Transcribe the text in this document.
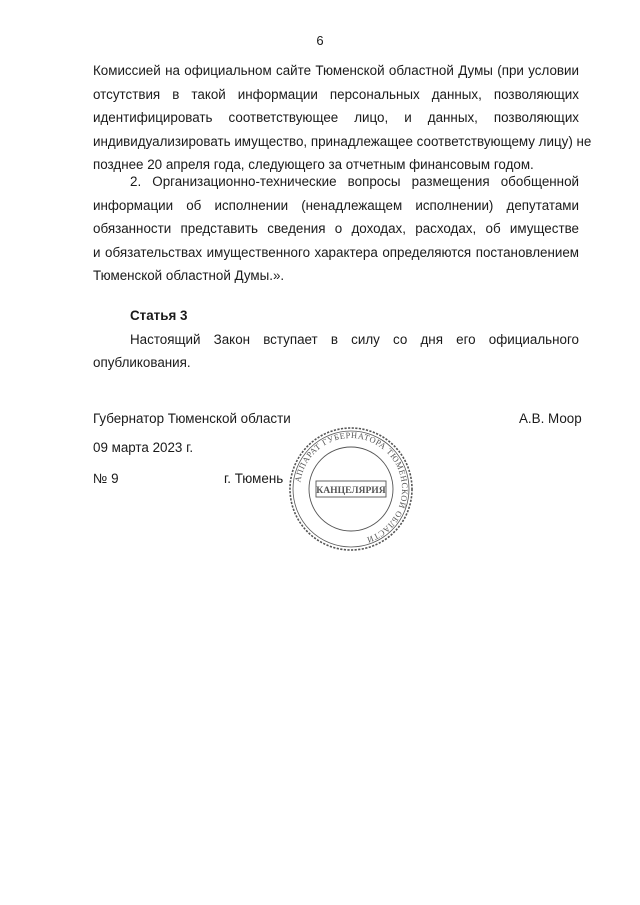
6
Комиссией на официальном сайте Тюменской областной Думы (при условии
отсутствия в такой информации персональных данных, позволяющих
идентифицировать соответствующее лицо, и данных, позволяющих
индивидуализировать имущество, принадлежащее соответствующему лицу) не
позднее 20 апреля года, следующего за отчетным финансовым годом.
2. Организационно-технические вопросы размещения обобщенной
информации об исполнении (ненадлежащем исполнении) депутатами
обязанности представить сведения о доходах, расходах, об имуществе
и обязательствах имущественного характера определяются постановлением
Тюменской областной Думы.».
Статья 3
Настоящий Закон вступает в силу со дня его официального
опубликования.
Губернатор Тюменской области	А.В. Моор
09 марта 2023 г.
№ 9	г. Тюмень АППАРАТ ГУБЕРНАТОРА ТЮМЕНСКОЙ ОБЛАСТИ
КАНЦЕЛЯРИЯ
